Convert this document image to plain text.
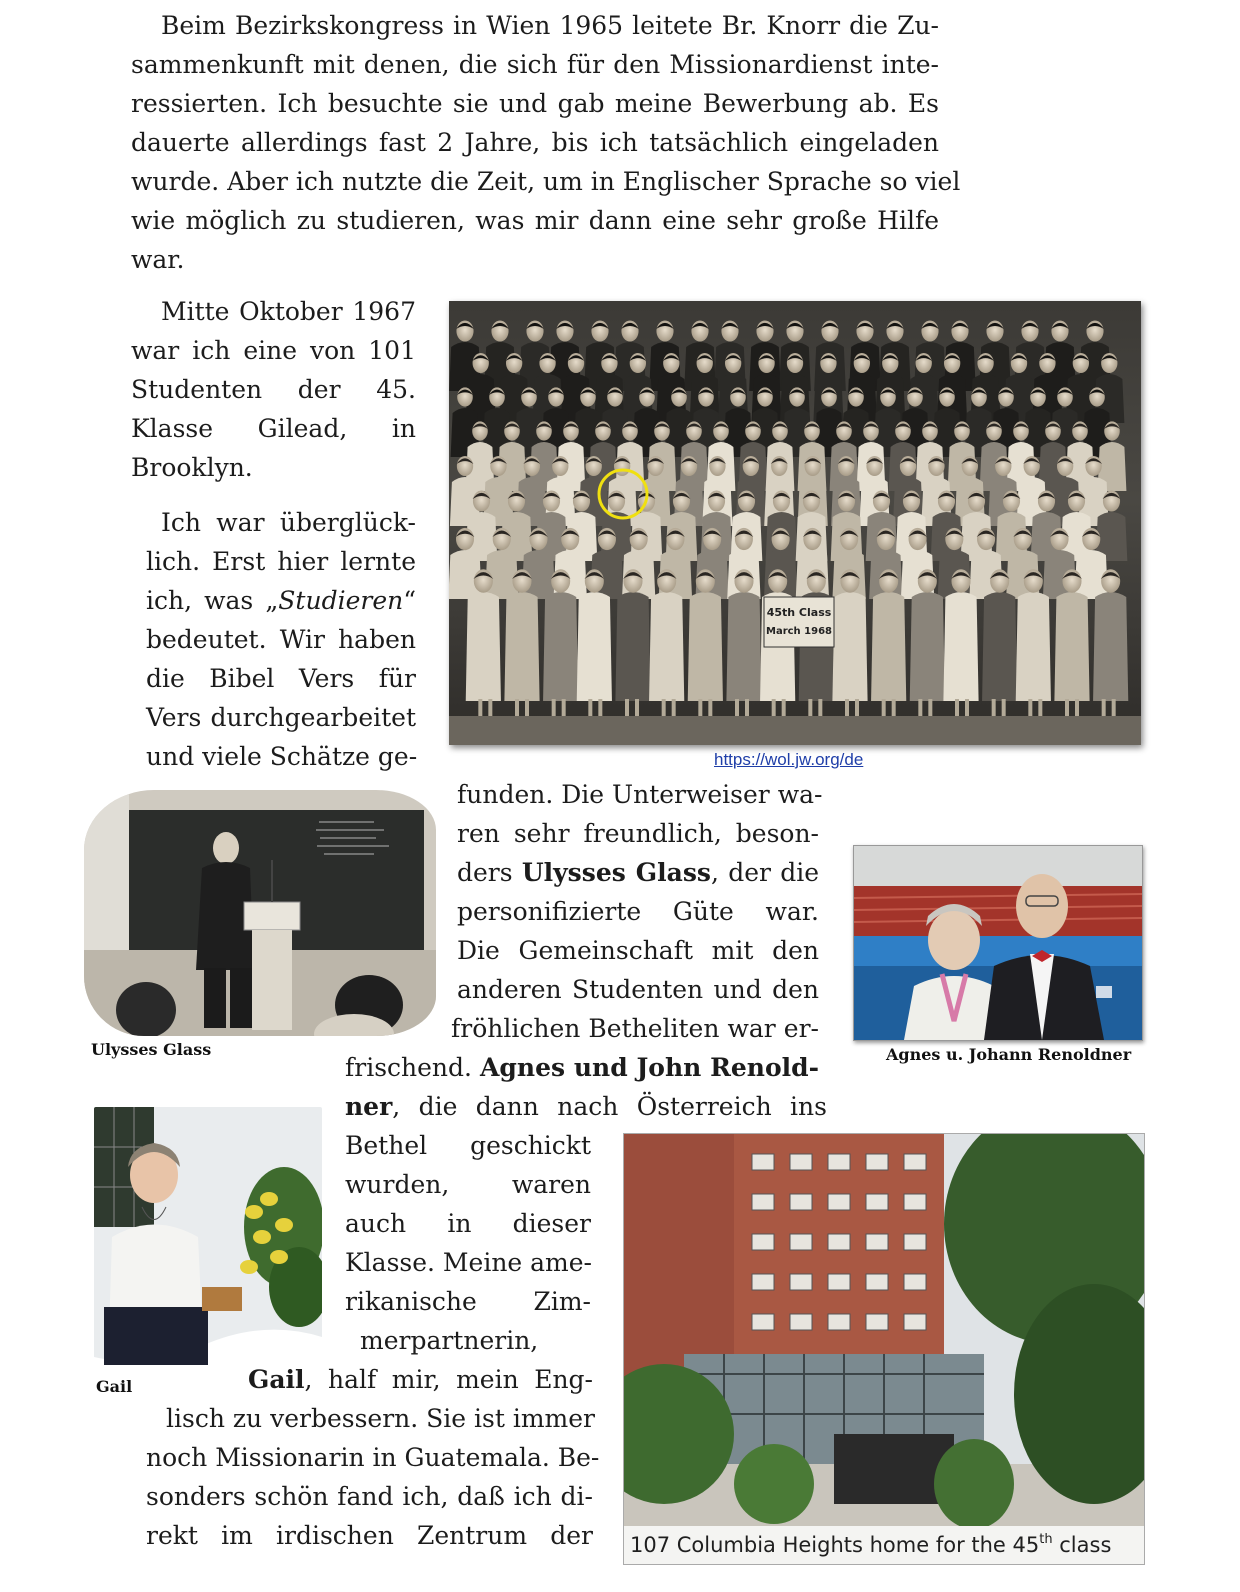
Beim Bezirkskongress in Wien 1965 leitete Br. Knorr die Zu-
sammenkunft mit denen, die sich für den Missionardienst inte-
ressierten. Ich besuchte sie und gab meine Bewerbung ab. Es
dauerte allerdings fast 2 Jahre, bis ich tatsächlich eingeladen
wurde. Aber ich nutzte die Zeit, um in Englischer Sprache so viel
wie möglich zu studieren, was mir dann eine sehr große Hilfe
war.
Mitte Oktober 1967
war ich eine von 101
Studenten der 45.
Klasse Gilead, in
Brooklyn.
Ich war überglück-
lich. Erst hier lernte
ich, was „Studieren“
bedeutet. Wir haben
die Bibel Vers für
Vers durchgearbeitet
und viele Schätze ge-
funden. Die Unterweiser wa-
ren sehr freundlich, beson-
ders Ulysses Glass, der die
personifizierte Güte war.
Die Gemeinschaft mit den
anderen Studenten und den
fröhlichen Betheliten war er-
frischend. Agnes und John Renold-
ner, die dann nach Österreich ins
Bethel geschickt
wurden, waren
auch in dieser
Klasse. Meine ame-
rikanische Zim-
merpartnerin,
Gail, half mir, mein Eng-
lisch zu verbessern. Sie ist immer
noch Missionarin in Guatemala. Be-
sonders schön fand ich, daß ich di-
rekt im irdischen Zentrum der
45th Class
March 1968
https://wol.jw.org/de

Ulysses Glass	Agnes u. Johann Renoldner

Gail

107 Columbia Heights home for the 45th class
